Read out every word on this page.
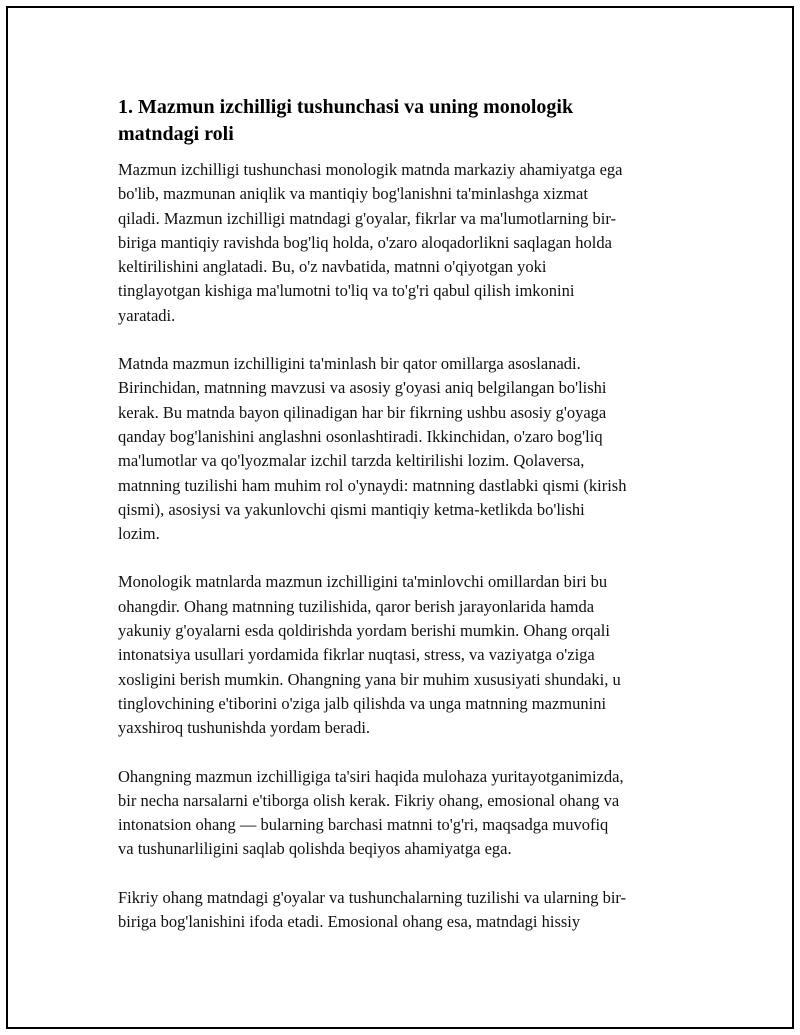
1. Mazmun izchilligi tushunchasi va uning monologik
matndagi roli

Mazmun izchilligi tushunchasi monologik matnda markaziy ahamiyatga ega
bo'lib, mazmunan aniqlik va mantiqiy bog'lanishni ta'minlashga xizmat
qiladi. Mazmun izchilligi matndagi g'oyalar, fikrlar va ma'lumotlarning bir-
biriga mantiqiy ravishda bog'liq holda, o'zaro aloqadorlikni saqlagan holda
keltirilishini anglatadi. Bu, o'z navbatida, matnni o'qiyotgan yoki
tinglayotgan kishiga ma'lumotni to'liq va to'g'ri qabul qilish imkonini
yaratadi.

Matnda mazmun izchilligini ta'minlash bir qator omillarga asoslanadi.
Birinchidan, matnning mavzusi va asosiy g'oyasi aniq belgilangan bo'lishi
kerak. Bu matnda bayon qilinadigan har bir fikrning ushbu asosiy g'oyaga
qanday bog'lanishini anglashni osonlashtiradi. Ikkinchidan, o'zaro bog'liq
ma'lumotlar va qo'lyozmalar izchil tarzda keltirilishi lozim. Qolaversa,
matnning tuzilishi ham muhim rol o'ynaydi: matnning dastlabki qismi (kirish
qismi), asosiysi va yakunlovchi qismi mantiqiy ketma-ketlikda bo'lishi
lozim.

Monologik matnlarda mazmun izchilligini ta'minlovchi omillardan biri bu
ohangdir. Ohang matnning tuzilishida, qaror berish jarayonlarida hamda
yakuniy g'oyalarni esda qoldirishda yordam berishi mumkin. Ohang orqali
intonatsiya usullari yordamida fikrlar nuqtasi, stress, va vaziyatga o'ziga
xosligini berish mumkin. Ohangning yana bir muhim xususiyati shundaki, u
tinglovchining e'tiborini o'ziga jalb qilishda va unga matnning mazmunini
yaxshiroq tushunishda yordam beradi.

Ohangning mazmun izchilligiga ta'siri haqida mulohaza yuritayotganimizda,
bir necha narsalarni e'tiborga olish kerak. Fikriy ohang, emosional ohang va
intonatsion ohang — bularning barchasi matnni to'g'ri, maqsadga muvofiq
va tushunarliligini saqlab qolishda beqiyos ahamiyatga ega.

Fikriy ohang matndagi g'oyalar va tushunchalarning tuzilishi va ularning bir-
biriga bog'lanishini ifoda etadi. Emosional ohang esa, matndagi hissiy
